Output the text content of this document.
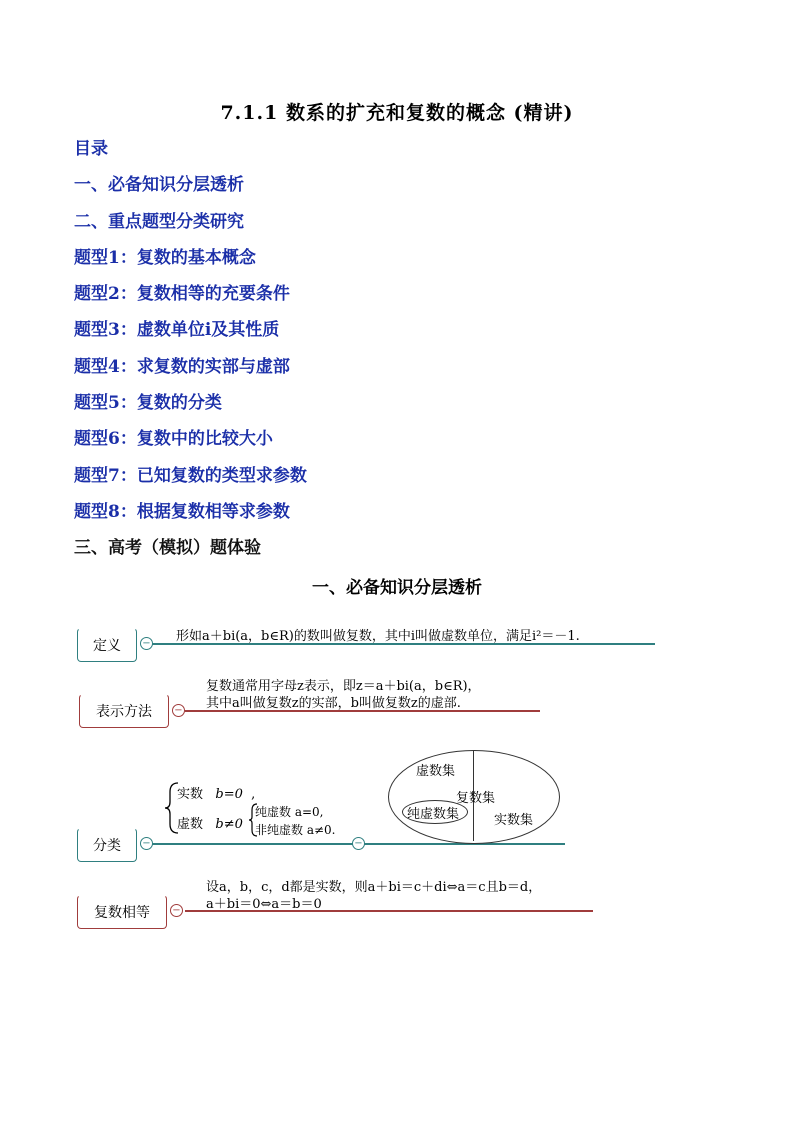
7.1.1 数系的扩充和复数的概念 (精讲)
目录
一、必备知识分层透析
二、重点题型分类研究
题型1：复数的基本概念
题型2：复数相等的充要条件
题型3：虚数单位i及其性质
题型4：求复数的实部与虚部
题型5：复数的分类
题型6：复数中的比较大小
题型7：已知复数的类型求参数
题型8：根据复数相等求参数
三、高考（模拟）题体验
一、必备知识分层透析
定义 − 形如a＋bi(a，b∈R)的数叫做复数，其中i叫做虚数单位，满足i²＝－1.
表示方法 −
复数通常用字母z表示，即z＝a＋bi(a，b∈R)，
其中a叫做复数z的实部，b叫做复数z的虚部.
分类 −	−
实数 b=0  ,
虚数 b≠0
纯虚数 a=0,
非纯虚数 a≠0.
虚数集
复数集
纯虚数集	实数集
复数相等 −
设a，b，c，d都是实数，则a＋bi＝c＋di⇔a＝c且b＝d，
a＋bi＝0⇔a＝b＝0
